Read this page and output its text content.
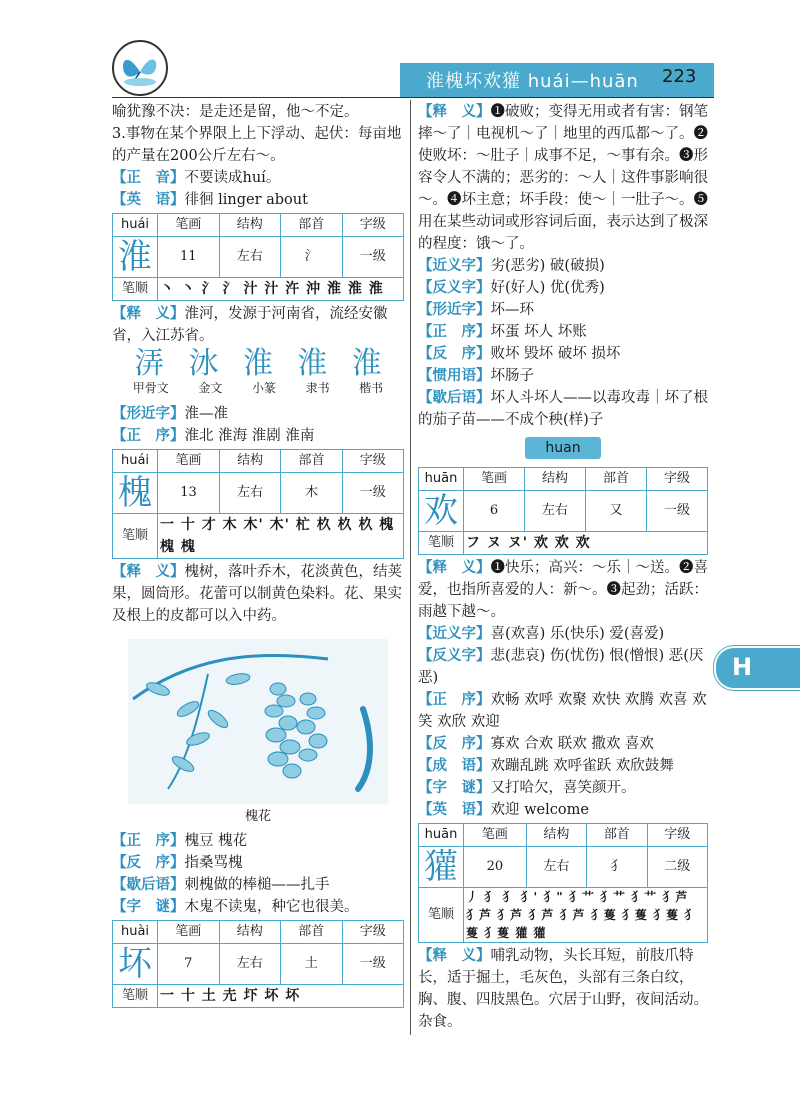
淮槐坏欢獾 huái—huān 223

喻犹豫不决：是走还是留，他～不定。

3.事物在某个界限上上下浮动、起伏：每亩地的产量在200公斤左右～。

【正　音】不要读成huí。

【英　语】徘徊 linger about

huái	笔画	结构	部首	字级
淮	11	左右	氵	一级
笔顺	丶 丶 氵 氵 汁 汁 汻 沖 淮 淮 淮			

【释　义】淮河，发源于河南省，流经安徽省，入江苏省。

㳥 𣲙 淮 淮 淮
甲骨文 金文 小篆 隶书 楷书

【形近字】淮—准

【正　序】淮北 淮海 淮剧 淮南

huái	笔画	结构	部首	字级
槐	13	左右	木	一级
笔顺	一 十 才 木 木' 木' 杧 杦 杦 杦 槐 槐 槐			

【释　义】槐树，落叶乔木，花淡黄色，结荚果，圆筒形。花蕾可以制黄色染料。花、果实及根上的皮都可以入中药。

槐花

【正　序】槐豆 槐花

【反　序】指桑骂槐

【歇后语】刺槐做的棒槌——扎手

【字　谜】木鬼不读鬼，种它也很美。

huài	笔画	结构	部首	字级
坏	7	左右	土	一级
笔顺	一 十 土 圥 圷 坏 坏			

【释　义】❶破败；变得无用或者有害：钢笔摔～了｜电视机～了｜地里的西瓜都～了。❷使败坏：～肚子｜成事不足，～事有余。❸形容令人不满的；恶劣的：～人｜这件事影响很～。❹坏主意；坏手段：使～｜一肚子～。❺用在某些动词或形容词后面，表示达到了极深的程度：饿～了。

【近义字】劣(恶劣) 破(破损)

【反义字】好(好人) 优(优秀)

【形近字】坏—环

【正　序】坏蛋 坏人 坏账

【反　序】败坏 毁坏 破坏 损坏

【惯用语】坏肠子

【歇后语】坏人斗坏人——以毒攻毒｜坏了根的茄子苗——不成个秧(样)子

huan
huān	笔画	结构	部首	字级
欢	6	左右	又	一级
笔顺	フ ヌ ヌ' 欢 欢 欢			

【释　义】❶快乐；高兴：～乐｜～送。❷喜爱，也指所喜爱的人：新～。❸起劲；活跃：雨越下越～。

【近义字】喜(欢喜) 乐(快乐) 爱(喜爱)

【反义字】悲(悲哀) 伤(忧伤) 恨(憎恨) 恶(厌恶)

【正　序】欢畅 欢呼 欢聚 欢快 欢腾 欢喜 欢笑 欢欣 欢迎

【反　序】寡欢 合欢 联欢 撒欢 喜欢

【成　语】欢蹦乱跳 欢呼雀跃 欢欣鼓舞

【字　谜】又打哈欠，喜笑颜开。

【英　语】欢迎 welcome

huān	笔画	结构	部首	字级
獾	20	左右	犭	二级
笔顺	丿 犭 犭 犭' 犭" 犭艹 犭艹 犭艹 犭芦 犭芦 犭芦 犭芦 犭芦 犭蒦 犭蒦 犭蒦 犭蒦 犭蒦 獾 獾			

【释　义】哺乳动物，头长耳短，前肢爪特长，适于掘土，毛灰色，头部有三条白纹，胸、腹、四肢黑色。穴居于山野，夜间活动。杂食。

H
